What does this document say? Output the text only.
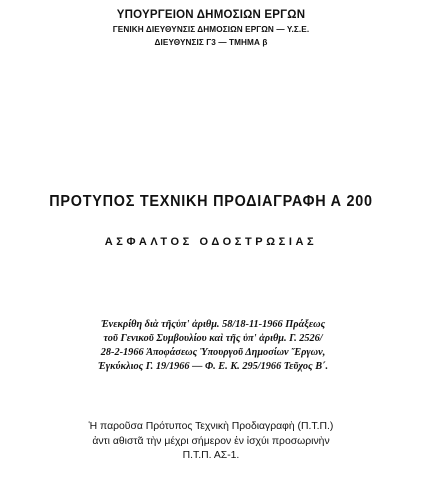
ΥΠΟΥΡΓΕΙΟΝ ΔΗΜΟΣΙΩΝ ΕΡΓΩΝ
ΓΕΝΙΚΗ ΔΙΕΥΘΥΝΣΙΣ ΔΗΜΟΣΙΩΝ ΕΡΓΩΝ — Υ.Σ.Ε.
ΔΙΕΥΘΥΝΣΙΣ Γ3 — ΤΜΗΜΑ β
ΠΡΟΤΥΠΟΣ ΤΕΧΝΙΚΗ ΠΡΟΔΙΑΓΡΑΦΗ Α 200
ΑΣΦΑΛΤΟΣ ΟΔΟΣΤΡΩΣΙΑΣ
Ἐνεκρίθη διὰ τῆςὑπ' ἀριθμ. 58/18-11-1966 Πράξεως
τοῦ Γενικοῦ Συμβουλίου καὶ τῆς ὑπ' ἀριθμ. Γ. 2526/
28-2-1966 Ἀποφάσεως Ὑπουργοῦ Δημοσίων Ἔργων,
Ἐγκύκλιος Γ. 19/1966 — Φ. Ε. Κ. 295/1966 Τεῦχος Β΄.
Ἡ παροῦσα Πρότυπος Τεχνικὴ Προδιαγραφὴ (Π.Τ.Π.)
ἀντι αθιστᾶ τὴν μέχρι σήμερον ἐν ἰσχύι προσωρινὴν
Π.Τ.Π. ΑΣ-1.
